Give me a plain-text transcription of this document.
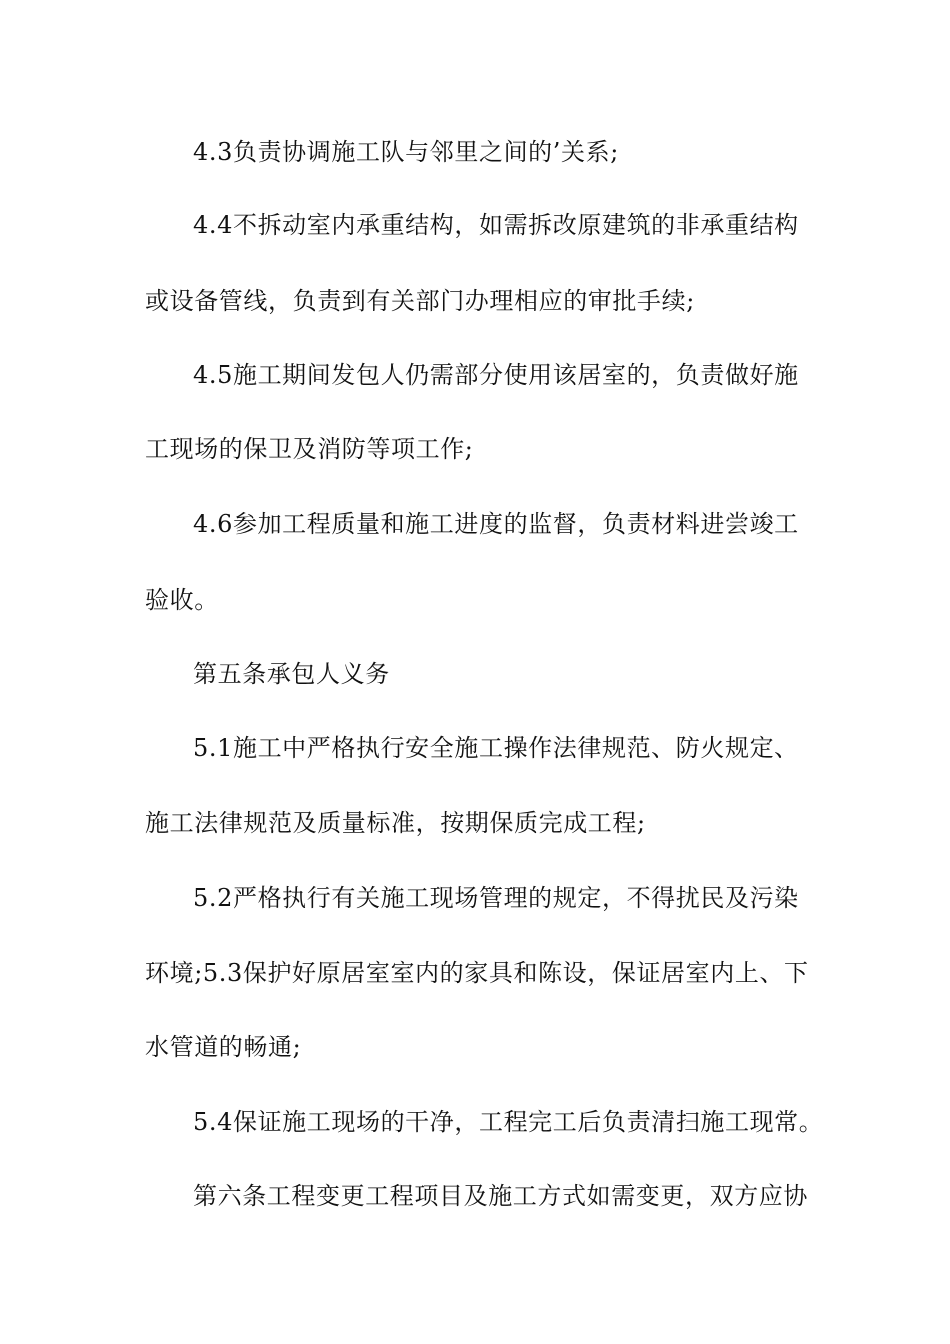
4.3负责协调施工队与邻里之间的’关系;
4.4不拆动室内承重结构，如需拆改原建筑的非承重结构
或设备管线，负责到有关部门办理相应的审批手续;
4.5施工期间发包人仍需部分使用该居室的，负责做好施
工现场的保卫及消防等项工作;
4.6参加工程质量和施工进度的监督，负责材料进尝竣工
验收。
第五条承包人义务
5.1施工中严格执行安全施工操作法律规范、防火规定、
施工法律规范及质量标准，按期保质完成工程;
5.2严格执行有关施工现场管理的规定，不得扰民及污染
环境;5.3保护好原居室室内的家具和陈设，保证居室内上、下
水管道的畅通;
5.4保证施工现场的干净，工程完工后负责清扫施工现常。
第六条工程变更工程项目及施工方式如需变更，双方应协
